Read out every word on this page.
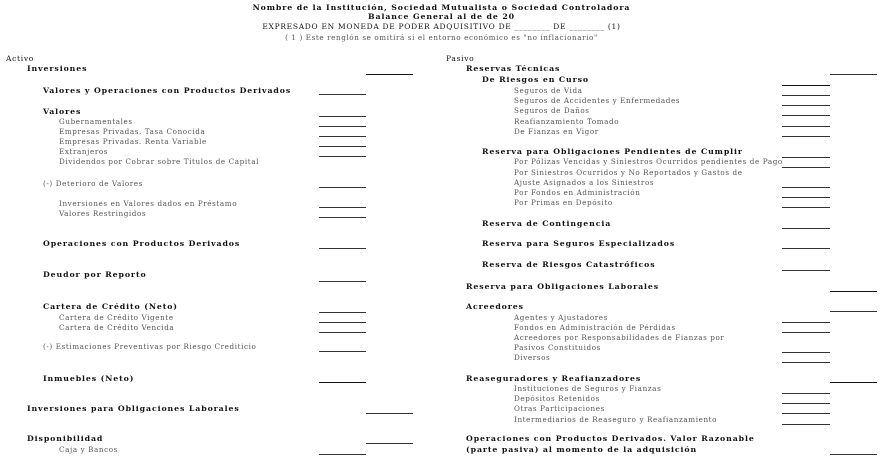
Nombre de la Institución, Sociedad Mutualista o Sociedad Controladora
Balance General al de de 20
EXPRESADO EN MONEDA DE PODER ADQUISITIVO DE ________ DE ________ (1)
( 1 ) Este renglón se omitirá si el entorno económico es "no inflacionario"
Activo
Inversiones
Valores y Operaciones con Productos Derivados
Valores
Gubernamentales
Empresas Privadas. Tasa Conocida
Empresas Privadas. Renta Variable
Extranjeros
Dividendos por Cobrar sobre Títulos de Capital
(-) Deterioro de Valores
Inversiones en Valores dados en Préstamo
Valores Restringidos
Operaciones con Productos Derivados
Deudor por Reporto
Cartera de Crédito (Neto)
Cartera de Crédito Vigente
Cartera de Crédito Vencida
(-) Estimaciones Preventivas por Riesgo Crediticio
Inmuebles (Neto)
Inversiones para Obligaciones Laborales
Disponibilidad
Caja y Bancos
Pasivo
Reservas Técnicas
De Riesgos en Curso
Seguros de Vida
Seguros de Accidentes y Enfermedades
Seguros de Daños
Reafianzamiento Tomado
De Fianzas en Vigor
Reserva para Obligaciones Pendientes de Cumplir
Por Pólizas Vencidas y Siniestros Ocurridos pendientes de Pago
Por Siniestros Ocurridos y No Reportados y Gastos de
Ajuste Asignados a los Siniestros
Por Fondos en Administración
Por Primas en Depósito
Reserva de Contingencia
Reserva para Seguros Especializados
Reserva de Riesgos Catastróficos
Reserva para Obligaciones Laborales
Acreedores
Agentes y Ajustadores
Fondos en Administración de Pérdidas
Acreedores por Responsabilidades de Fianzas por
Pasivos Constituidos
Diversos
Reaseguradores y Reafianzadores
Instituciones de Seguros y Fianzas
Depósitos Retenidos
Otras Participaciones
Intermediarios de Reaseguro y Reafianzamiento
Operaciones con Productos Derivados. Valor Razonable
(parte pasiva) al momento de la adquisición
